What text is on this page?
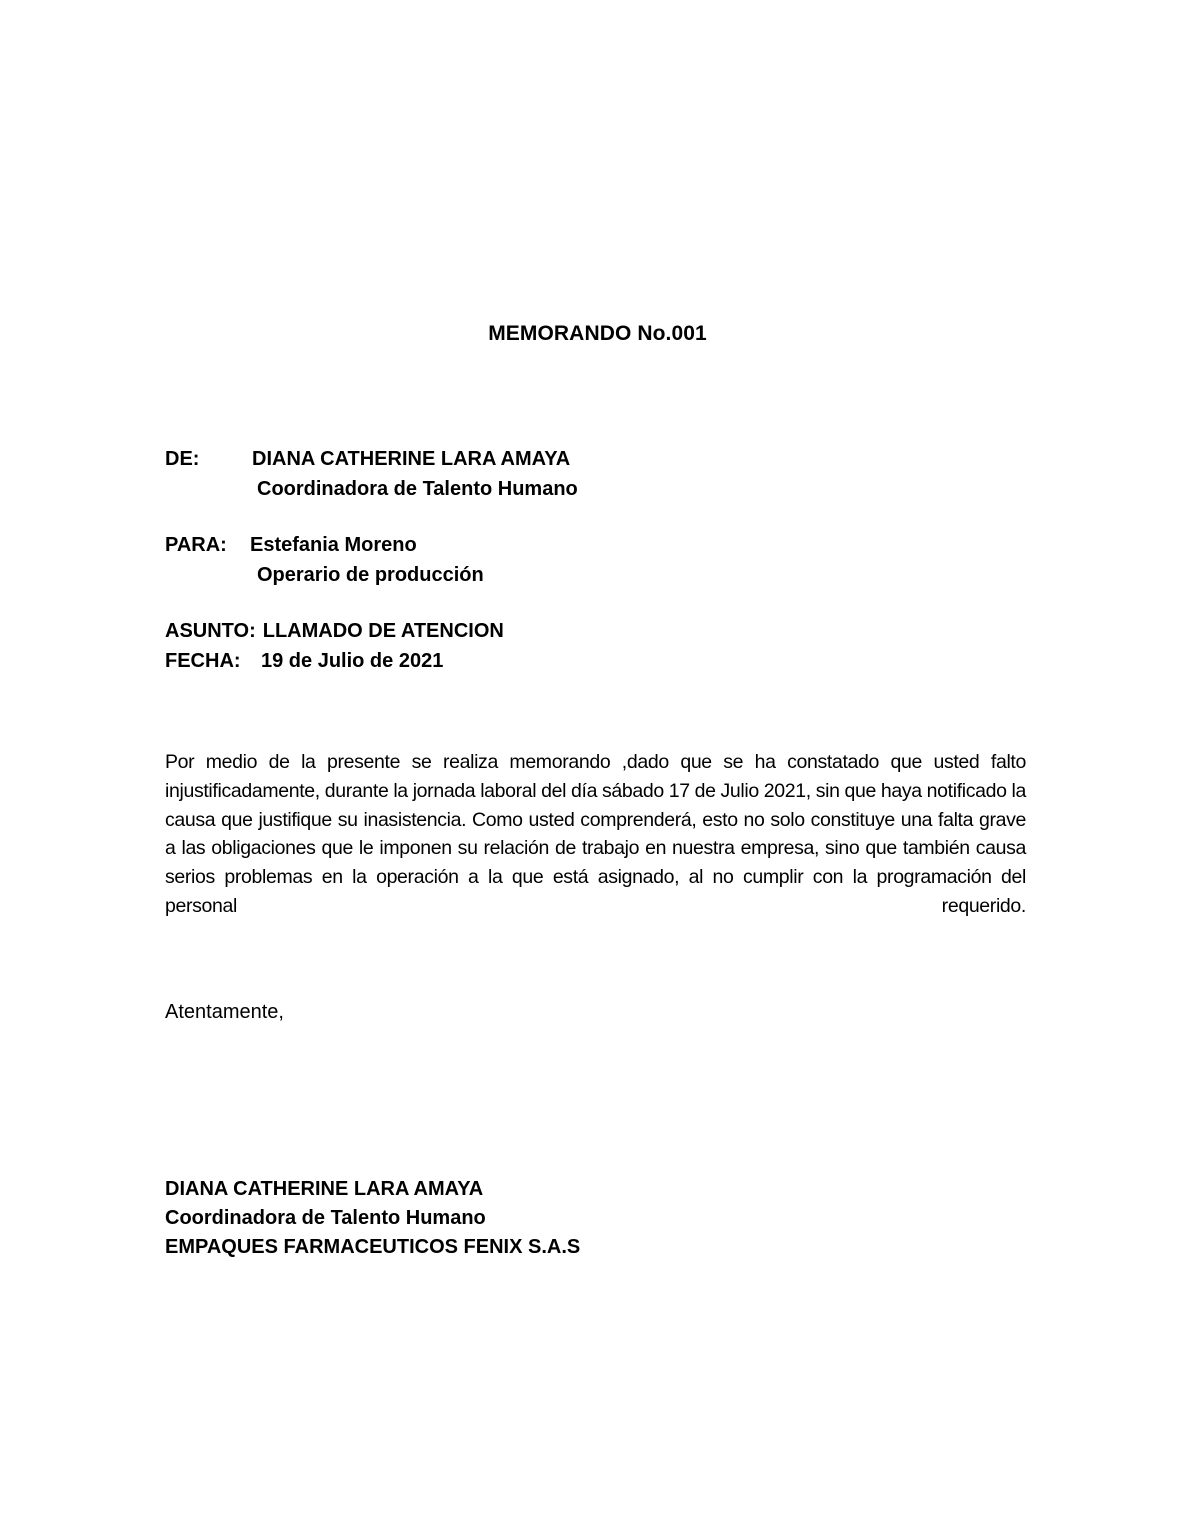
MEMORANDO No.001
DE:	DIANA CATHERINE LARA AMAYA
Coordinadora de Talento Humano
PARA:	Estefania Moreno
Operario de producción
ASUNTO: LLAMADO DE ATENCION
FECHA:	19 de Julio de 2021
Por medio de la presente se realiza memorando ,dado que se ha constatado que usted falto injustificadamente, durante la jornada laboral del día sábado 17 de Julio 2021, sin que haya notificado la causa que justifique su inasistencia. Como usted comprenderá, esto no solo constituye una falta grave a las obligaciones que le imponen su relación de trabajo en nuestra empresa, sino que también causa serios problemas en la operación a la que está asignado, al no cumplir con la programación del personal requerido.
Atentamente,
DIANA CATHERINE LARA AMAYA
Coordinadora de Talento Humano
EMPAQUES FARMACEUTICOS FENIX S.A.S
